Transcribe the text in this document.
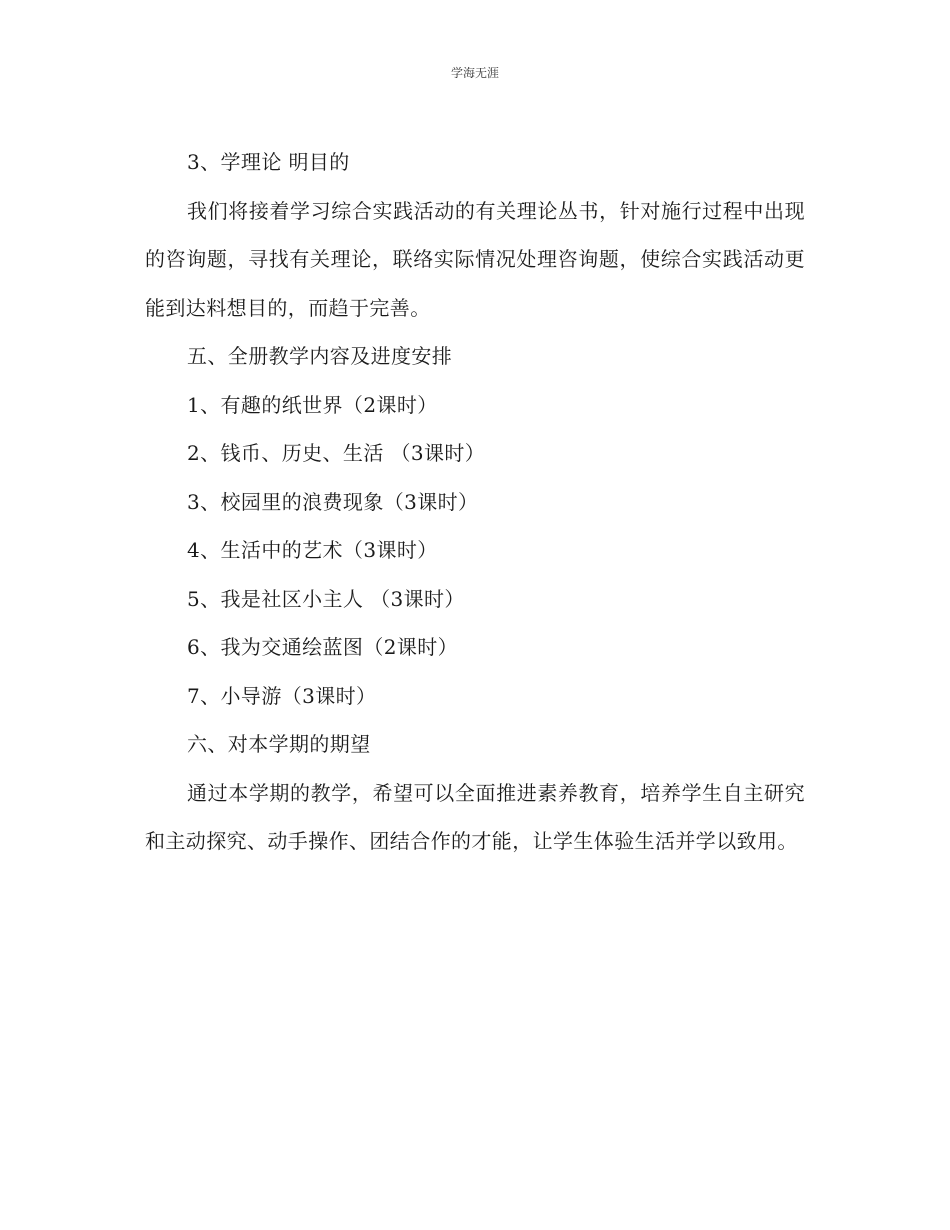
学海无涯

3、学理论 明目的

我们将接着学习综合实践活动的有关理论丛书，针对施行过程中出现的咨询题，寻找有关理论，联络实际情况处理咨询题，使综合实践活动更能到达料想目的，而趋于完善。

五、全册教学内容及进度安排

1、有趣的纸世界（2课时）

2、钱币、历史、生活 （3课时）

3、校园里的浪费现象（3课时）

4、生活中的艺术（3课时）

5、我是社区小主人 （3课时）

6、我为交通绘蓝图（2课时）

7、小导游（3课时）

六、对本学期的期望

通过本学期的教学，希望可以全面推进素养教育，培养学生自主研究和主动探究、动手操作、团结合作的才能，让学生体验生活并学以致用。
